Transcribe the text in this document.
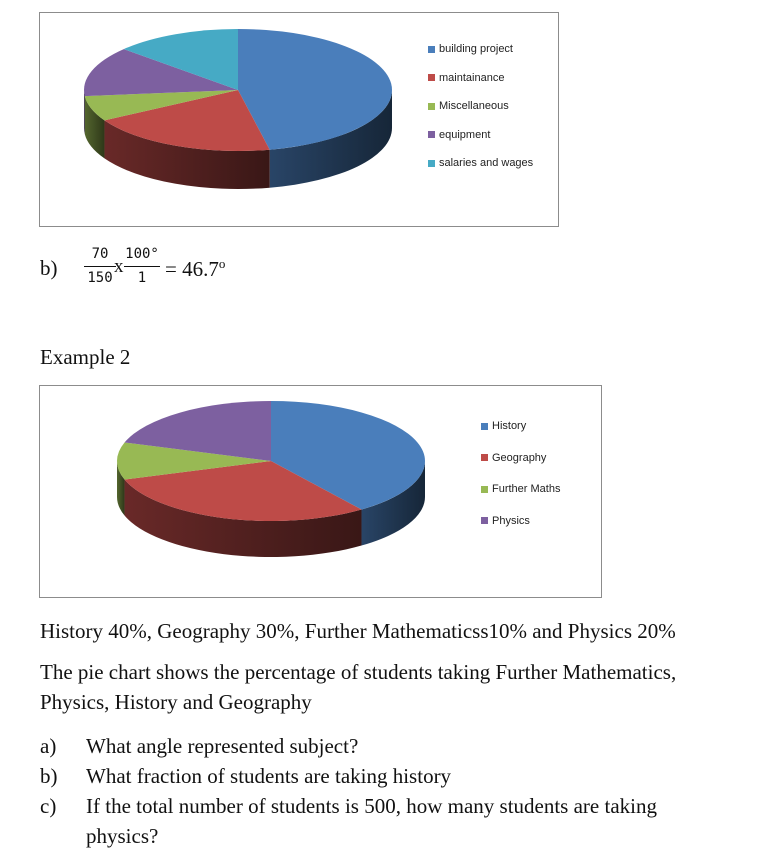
building project
maintainance
Miscellaneous
equipment
salaries and wages
b)
70
150
x
100°
$1 = 46.7^o$
Example 2
History
Geography
Further Maths
Physics
History 40%, Geography 30%, Further Mathematicss10% and Physics 20%
The pie chart shows the percentage of students taking Further Mathematics,
Physics, History and Geography
a) What angle represented subject?
b) What fraction of students are taking history
c) If the total number of students is 500, how many students are taking
physics?
